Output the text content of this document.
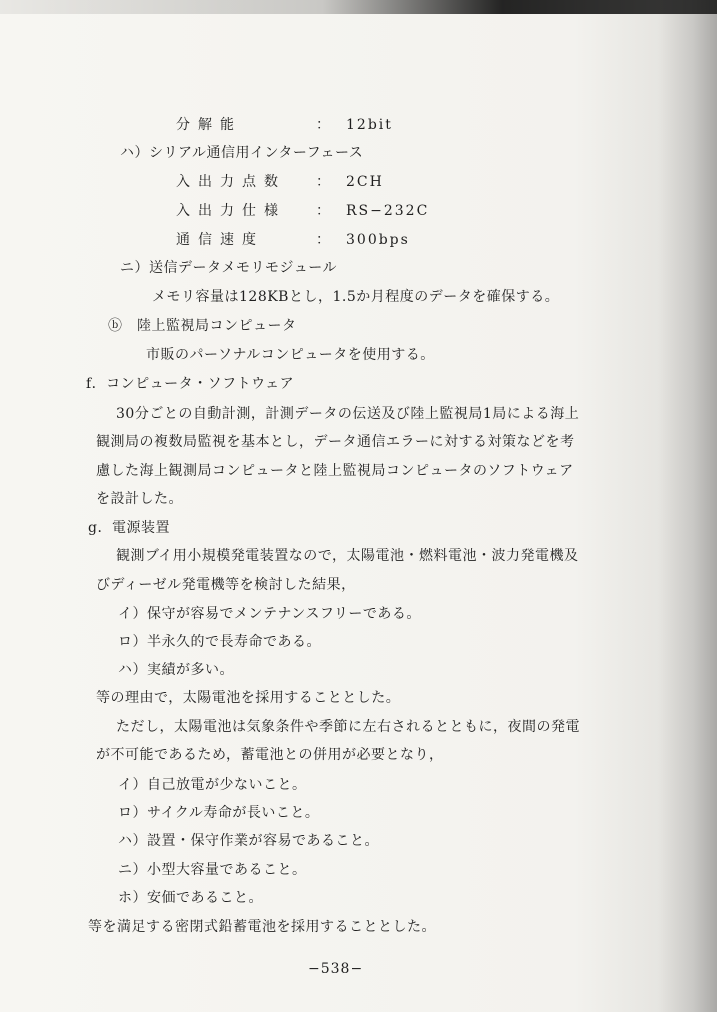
分解能	： 12bit
ハ）シリアル通信用インターフェース
入出力点数 ： 2CH
入出力仕様 ： RS−232C
通信速度	： 300bps
ニ）送信データメモリモジュール
メモリ容量は128KBとし，1.5か月程度のデータを確保する。
ⓑ　陸上監視局コンピュータ
市販のパーソナルコンピュータを使用する。
f．コンピュータ・ソフトウェア
30分ごとの自動計測，計測データの伝送及び陸上監視局1局による海上
観測局の複数局監視を基本とし，データ通信エラーに対する対策などを考
慮した海上観測局コンピュータと陸上監視局コンピュータのソフトウェア
を設計した。
g．電源装置
観測ブイ用小規模発電装置なので，太陽電池・燃料電池・波力発電機及
びディーゼル発電機等を検討した結果，
イ）保守が容易でメンテナンスフリーである。
ロ）半永久的で長寿命である。
ハ）実績が多い。
等の理由で，太陽電池を採用することとした。
ただし，太陽電池は気象条件や季節に左右されるとともに，夜間の発電
が不可能であるため，蓄電池との併用が必要となり，
イ）自己放電が少ないこと。
ロ）サイクル寿命が長いこと。
ハ）設置・保守作業が容易であること。
ニ）小型大容量であること。
ホ）安価であること。
等を満足する密閉式鉛蓄電池を採用することとした。
−538−
